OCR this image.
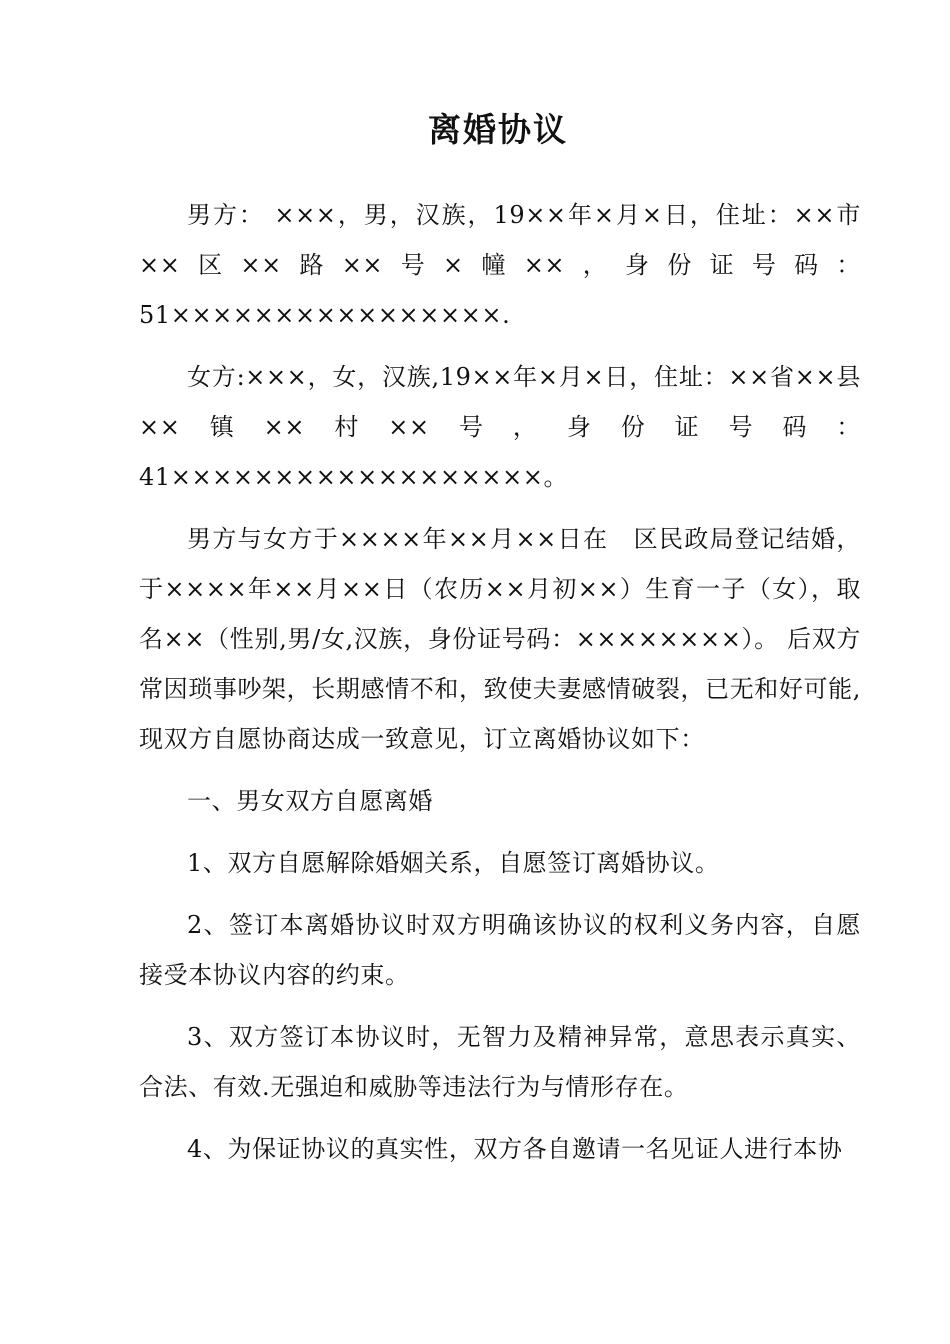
离婚协议

男方： ×××，男，汉族，19××年×月×日，住址：××市××区××路××号×幢××，身份证号码： 51××××××××××××××××.

女方:×××，女，汉族,19××年×月×日，住址：××省××县××镇××村××号，身份证号码： 41××××××××××××××××××。

男方与女方于××××年××月××日在　区民政局登记结婚，于××××年××月××日（农历××月初××）生育一子（女），取名××（性别,男/女,汉族，身份证号码：××××××××）。 后双方常因琐事吵架，长期感情不和，致使夫妻感情破裂，已无和好可能,现双方自愿协商达成一致意见，订立离婚协议如下：

一、男女双方自愿离婚

1、双方自愿解除婚姻关系，自愿签订离婚协议。

2、签订本离婚协议时双方明确该协议的权利义务内容，自愿接受本协议内容的约束。

3、双方签订本协议时，无智力及精神异常，意思表示真实、合法、有效.无强迫和威胁等违法行为与情形存在。

4、为保证协议的真实性，双方各自邀请一名见证人进行本协
